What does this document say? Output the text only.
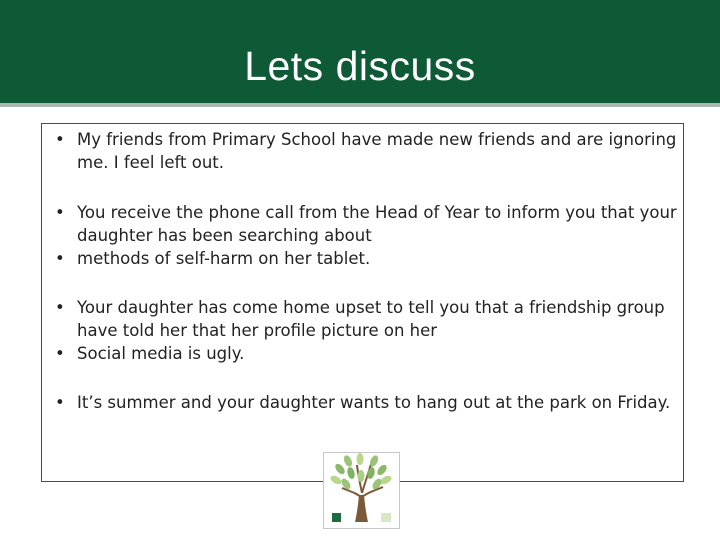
Lets discuss
• My friends from Primary School have made new friends and are ignoring me. I feel left out.
• You receive the phone call from the Head of Year to inform you that your daughter has been searching about
• methods of self-harm on her tablet.
• Your daughter has come home upset to tell you that a friendship group have told her that her profile picture on her
• Social media is ugly.
• It’s summer and your daughter wants to hang out at the park on Friday.
